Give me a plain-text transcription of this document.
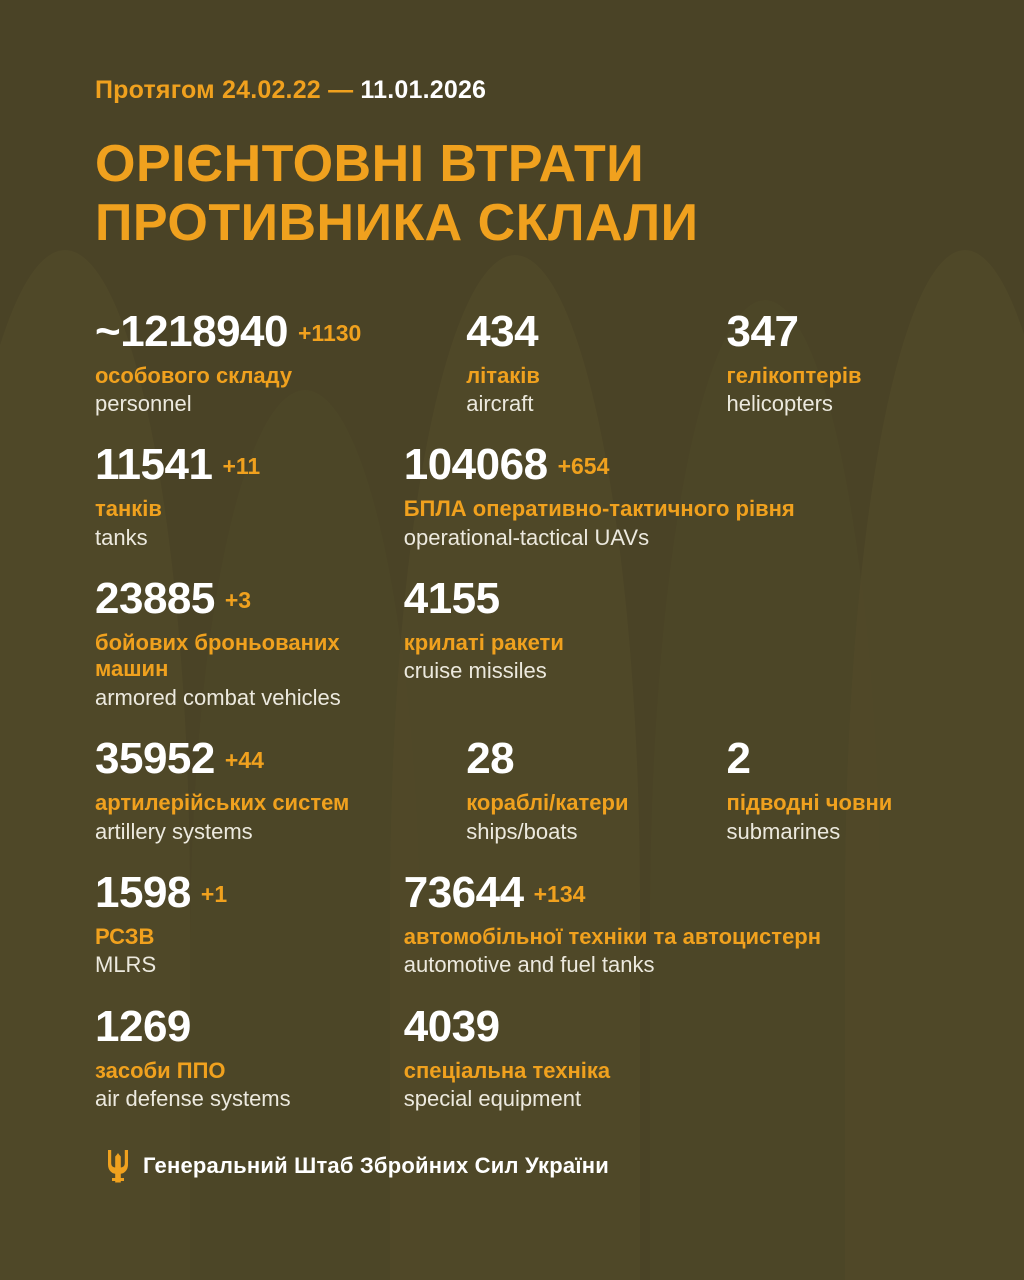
Протягом 24.02.22 — 11.01.2026
ОРІЄНТОВНІ ВТРАТИ
ПРОТИВНИКА СКЛАЛИ
~1218940 +1130
особового складу
personnel
434
літаків
aircraft
347
гелікоптерів
helicopters
11541 +11
танків
tanks
104068 +654
БПЛА оперативно-тактичного рівня
operational-tactical UAVs
23885 +3
бойових броньованих машин
armored combat vehicles
4155
крилаті ракети
cruise missiles
35952 +44
артилерійських систем
artillery systems
28
кораблі/катери
ships/boats
2
підводні човни
submarines
1598 +1
РСЗВ
MLRS
73644 +134
автомобільної техніки та автоцистерн
automotive and fuel tanks
1269
засоби ППО
air defense systems
4039
спеціальна техніка
special equipment
Генеральний Штаб Збройних Сил України
